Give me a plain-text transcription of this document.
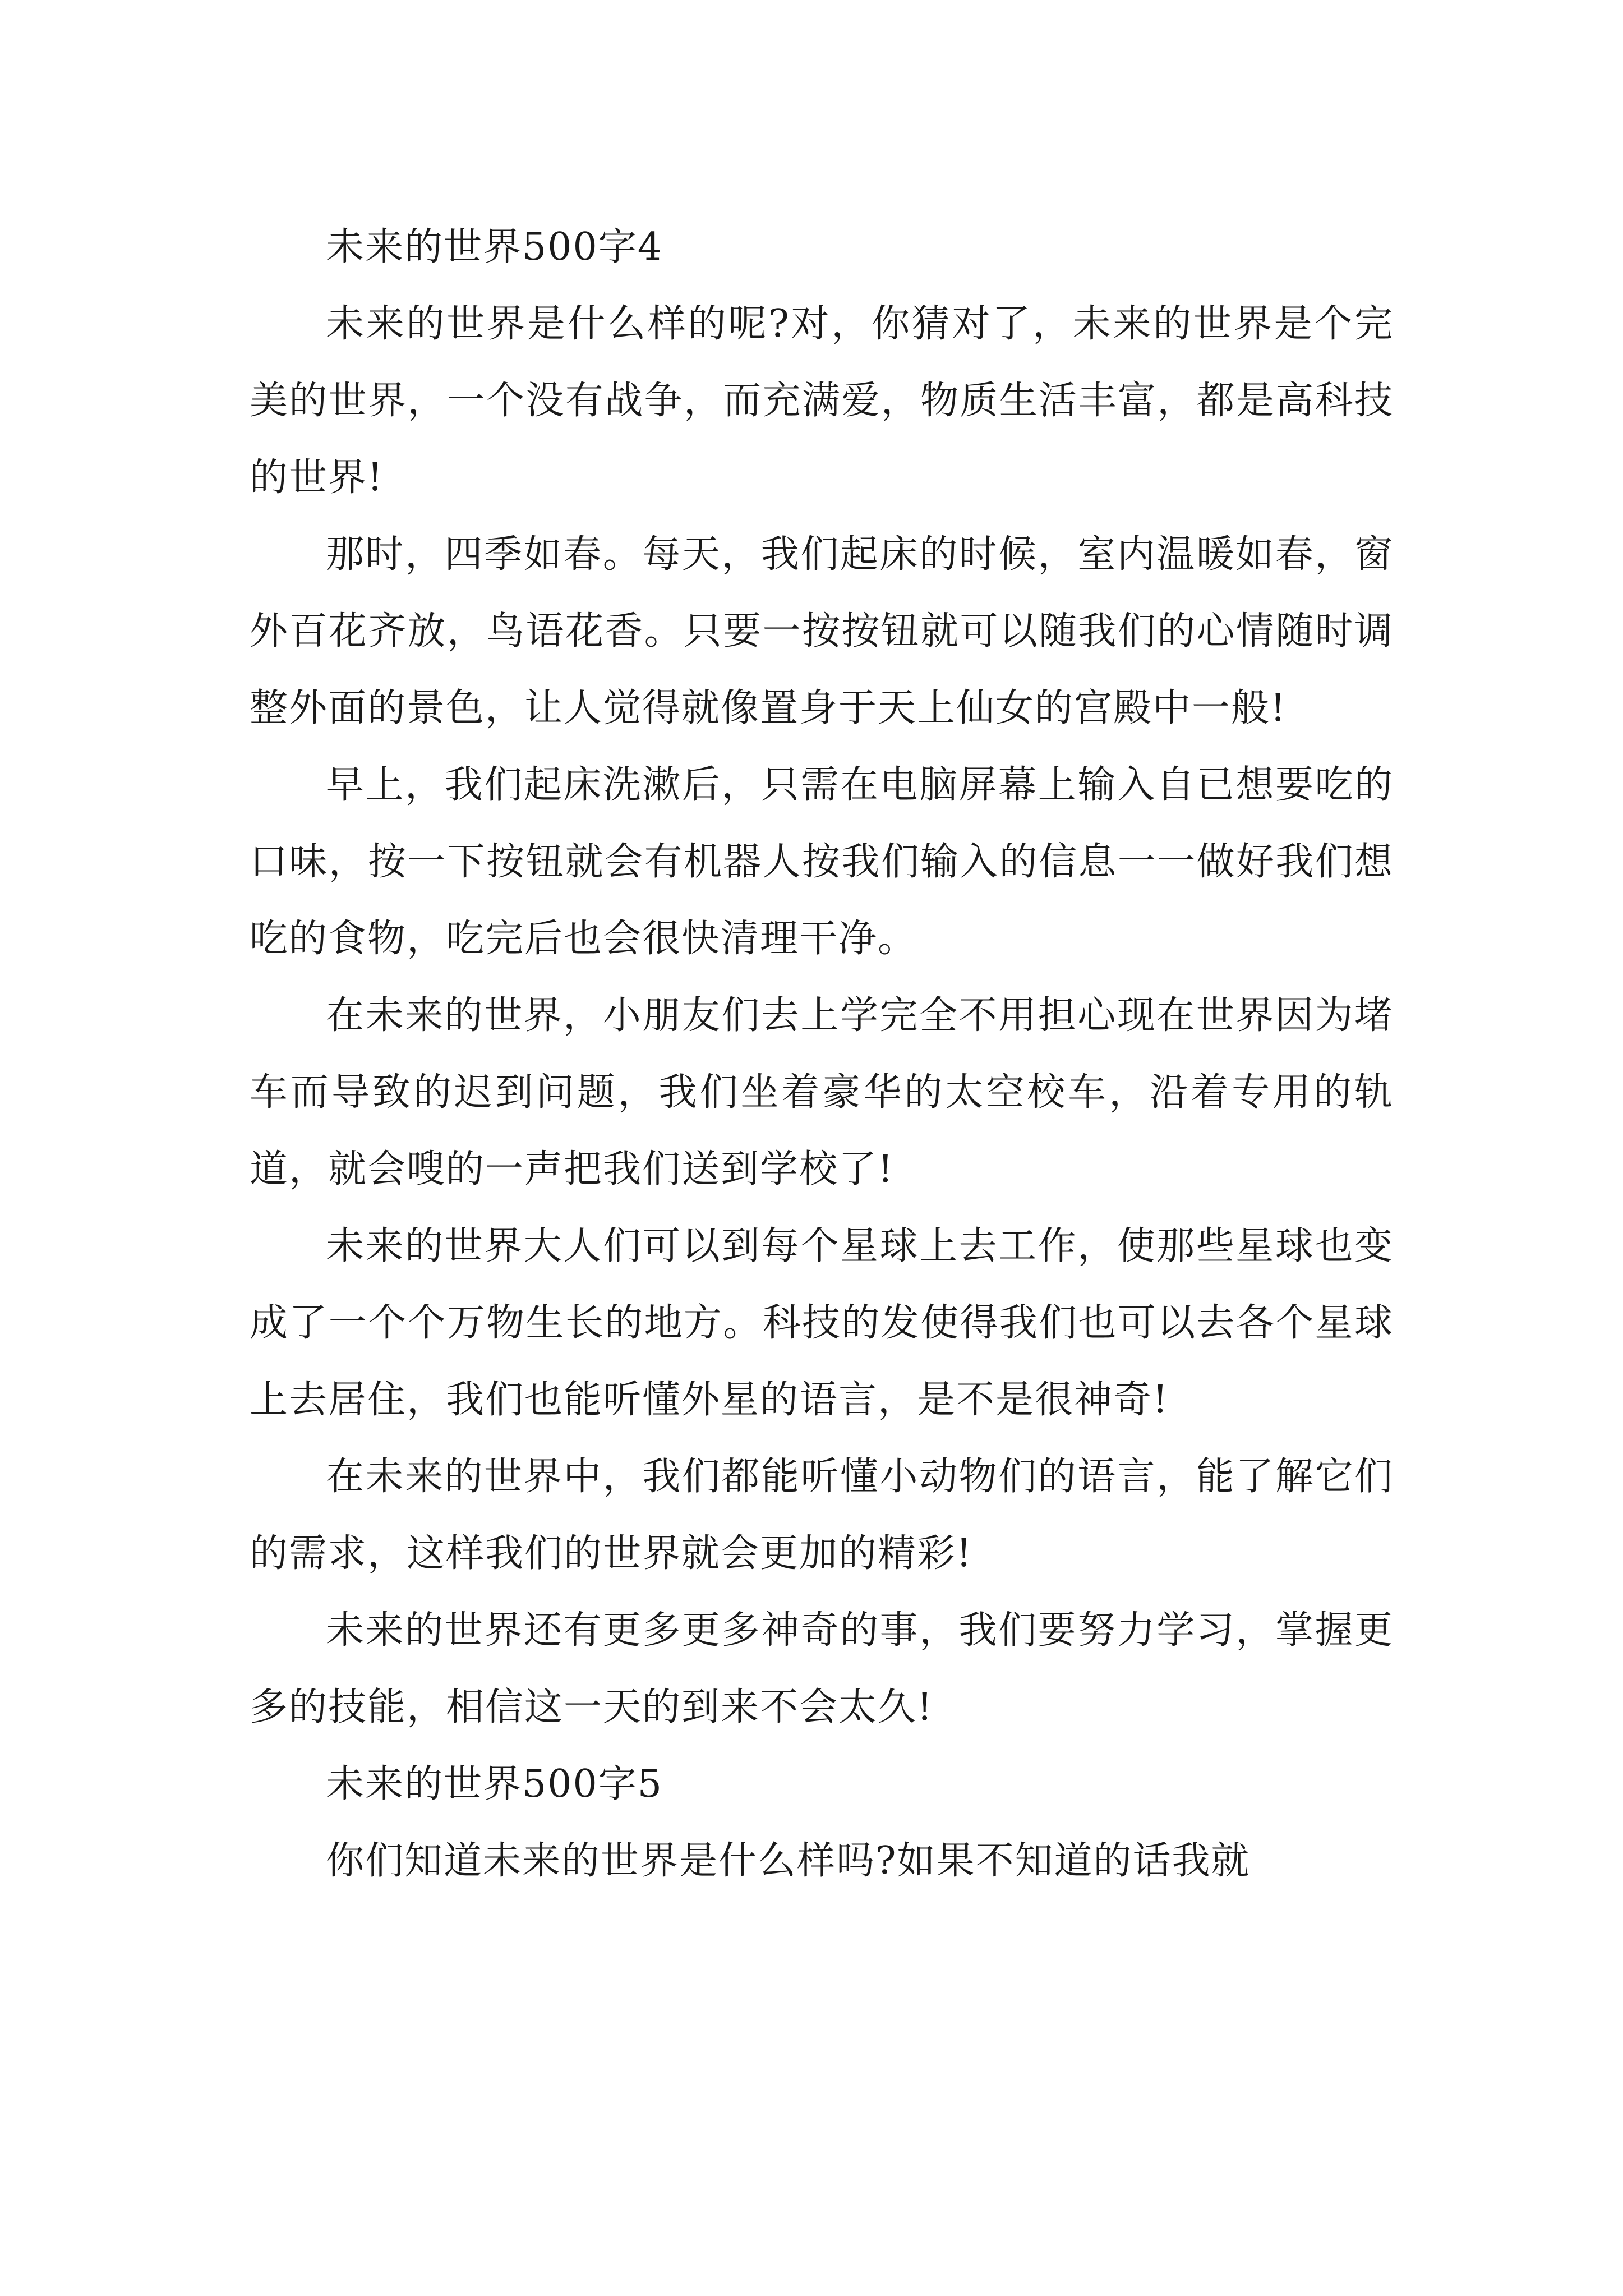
未来的世界500字4

未来的世界是什么样的呢?对，你猜对了，未来的世界是个完美的世界，一个没有战争，而充满爱，物质生活丰富，都是高科技的世界!

那时，四季如春。每天，我们起床的时候，室内温暖如春，窗外百花齐放，鸟语花香。只要一按按钮就可以随我们的心情随时调整外面的景色，让人觉得就像置身于天上仙女的宫殿中一般!

早上，我们起床洗漱后，只需在电脑屏幕上输入自已想要吃的口味，按一下按钮就会有机器人按我们输入的信息一一做好我们想吃的食物，吃完后也会很快清理干净。

在未来的世界，小朋友们去上学完全不用担心现在世界因为堵车而导致的迟到问题，我们坐着豪华的太空校车，沿着专用的轨道，就会嗖的一声把我们送到学校了!

未来的世界大人们可以到每个星球上去工作，使那些星球也变成了一个个万物生长的地方。科技的发使得我们也可以去各个星球上去居住，我们也能听懂外星的语言，是不是很神奇!

在未来的世界中，我们都能听懂小动物们的语言，能了解它们的需求，这样我们的世界就会更加的精彩!

未来的世界还有更多更多神奇的事，我们要努力学习，掌握更多的技能，相信这一天的到来不会太久!

未来的世界500字5

你们知道未来的世界是什么样吗?如果不知道的话我就
